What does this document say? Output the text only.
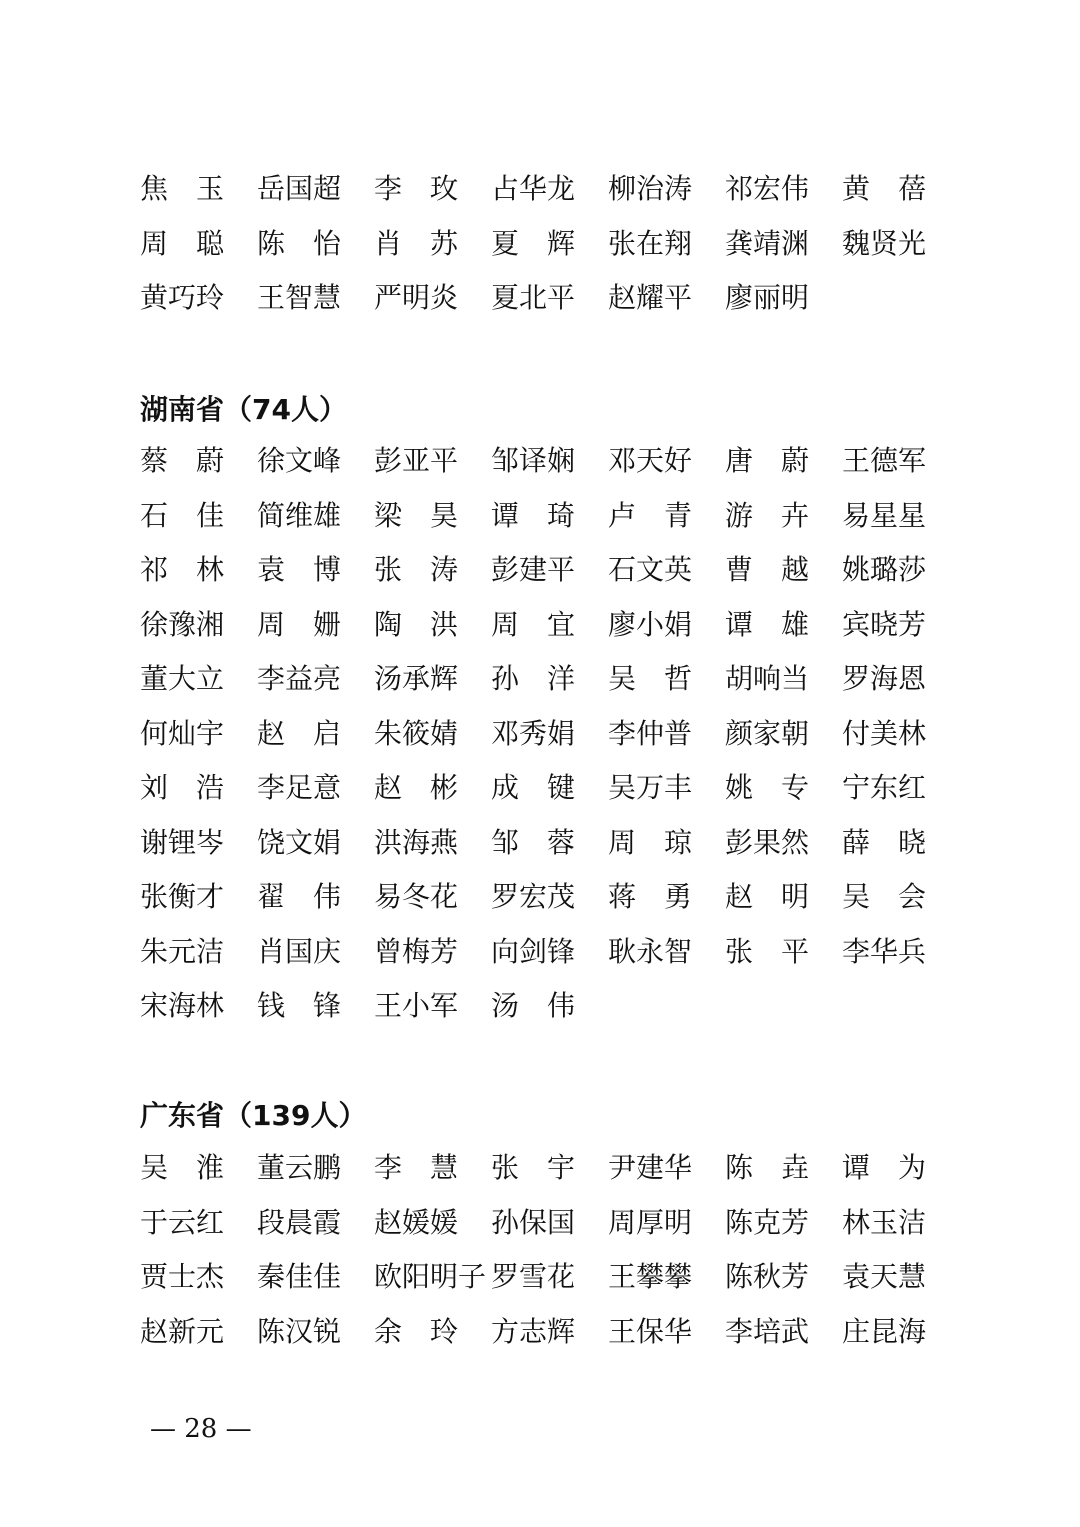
焦　玉	岳国超	李　玫	占华龙	柳治涛	祁宏伟	黄　蓓
周　聪	陈　怡	肖　苏	夏　辉	张在翔	龚靖渊	魏贤光
黄巧玲	王智慧	严明炎	夏北平	赵耀平	廖丽明
湖南省（74人）
蔡　蔚	徐文峰	彭亚平	邹译娴	邓天好	唐　蔚	王德军
石　佳	简维雄	梁　昊	谭　琦	卢　青	游　卉	易星星
祁　林	袁　博	张　涛	彭建平	石文英	曹　越	姚璐莎
徐豫湘	周　姗	陶　洪	周　宜	廖小娟	谭　雄	宾晓芳
董大立	李益亮	汤承辉	孙　洋	吴　哲	胡响当	罗海恩
何灿宇	赵　启	朱筱婧	邓秀娟	李仲普	颜家朝	付美林
刘　浩	李足意	赵　彬	成　键	吴万丰	姚　专	宁东红
谢锂岑	饶文娟	洪海燕	邹　蓉	周　琼	彭果然	薛　晓
张衡才	翟　伟	易冬花	罗宏茂	蒋　勇	赵　明	吴　会
朱元洁	肖国庆	曾梅芳	向剑锋	耿永智	张　平	李华兵
宋海林	钱　锋	王小军	汤　伟
广东省（139人）
吴　淮	董云鹏	李　慧	张　宇	尹建华	陈　垚	谭　为
于云红	段晨霞	赵媛媛	孙保国	周厚明	陈克芳	林玉洁
贾士杰	秦佳佳	欧阳明子 罗雪花	王攀攀	陈秋芳	袁天慧
赵新元	陈汉锐	余　玲	方志辉	王保华	李培武	庄昆海
— 28 —
